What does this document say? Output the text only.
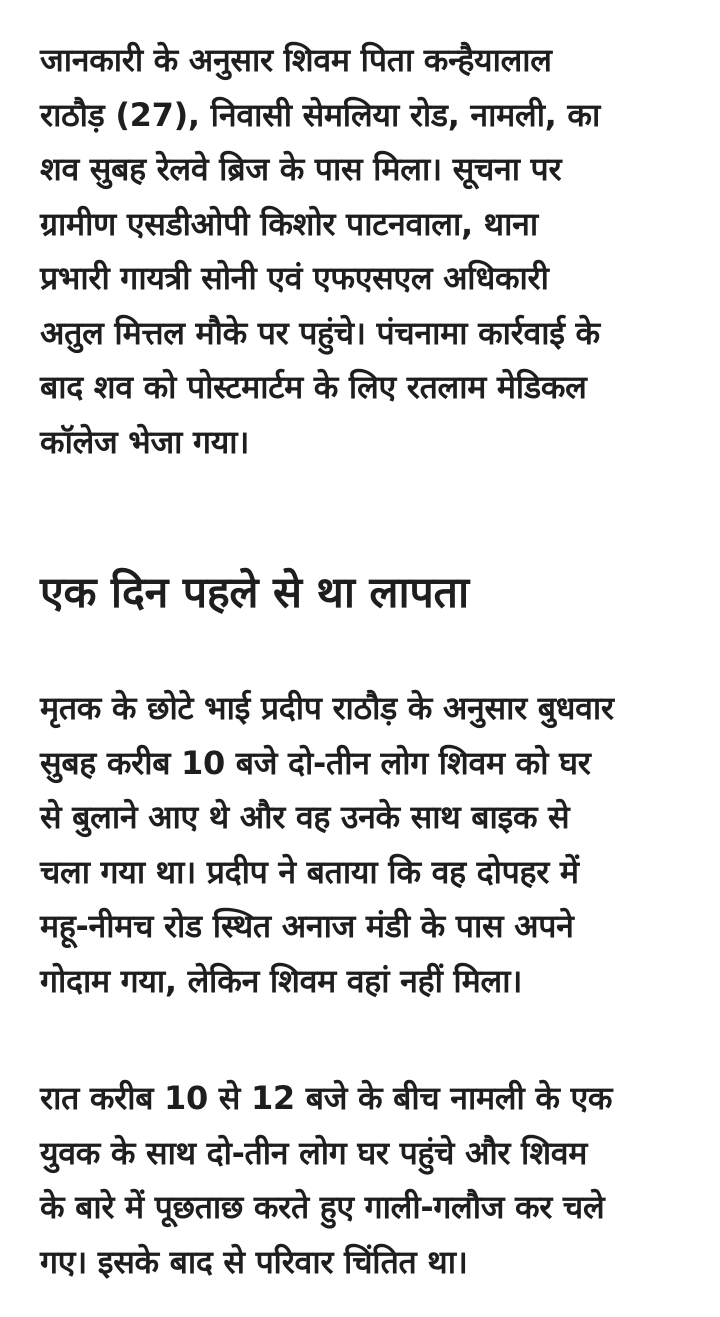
जानकारी के अनुसार शिवम पिता कन्हैयालाल
राठौड़ (27), निवासी सेमलिया रोड, नामली, का
शव सुबह रेलवे ब्रिज के पास मिला। सूचना पर
ग्रामीण एसडीओपी किशोर पाटनवाला, थाना
प्रभारी गायत्री सोनी एवं एफएसएल अधिकारी
अतुल मित्तल मौके पर पहुंचे। पंचनामा कार्रवाई के
बाद शव को पोस्टमार्टम के लिए रतलाम मेडिकल
कॉलेज भेजा गया।

एक दिन पहले से था लापता

मृतक के छोटे भाई प्रदीप राठौड़ के अनुसार बुधवार
सुबह करीब 10 बजे दो-तीन लोग शिवम को घर
से बुलाने आए थे और वह उनके साथ बाइक से
चला गया था। प्रदीप ने बताया कि वह दोपहर में
महू-नीमच रोड स्थित अनाज मंडी के पास अपने
गोदाम गया, लेकिन शिवम वहां नहीं मिला।

रात करीब 10 से 12 बजे के बीच नामली के एक
युवक के साथ दो-तीन लोग घर पहुंचे और शिवम
के बारे में पूछताछ करते हुए गाली-गलौज कर चले
गए। इसके बाद से परिवार चिंतित था।
